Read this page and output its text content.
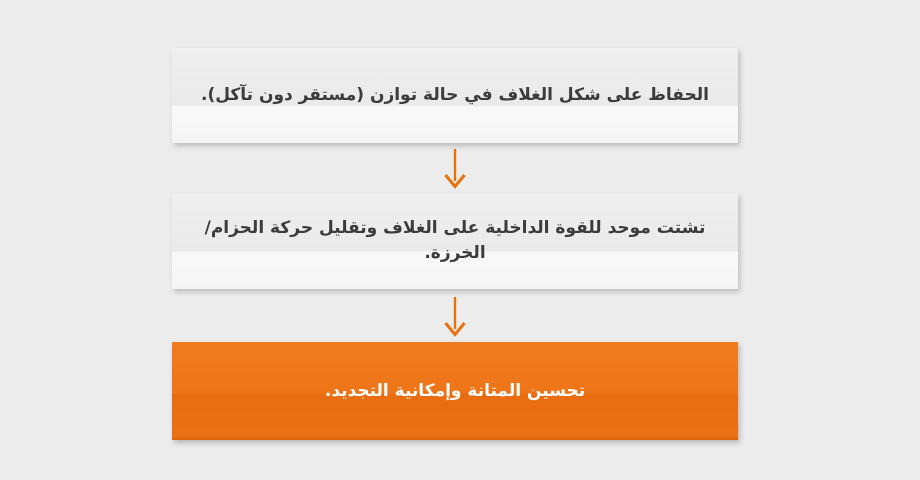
الحفاظ على شكل الغلاف في حالة توازن (مستقر دون تآكل).
تشتت موحد للقوة الداخلية على الغلاف وتقليل حركة الحزام/الخرزة.
تحسين المتانة وإمكانية التجديد.
